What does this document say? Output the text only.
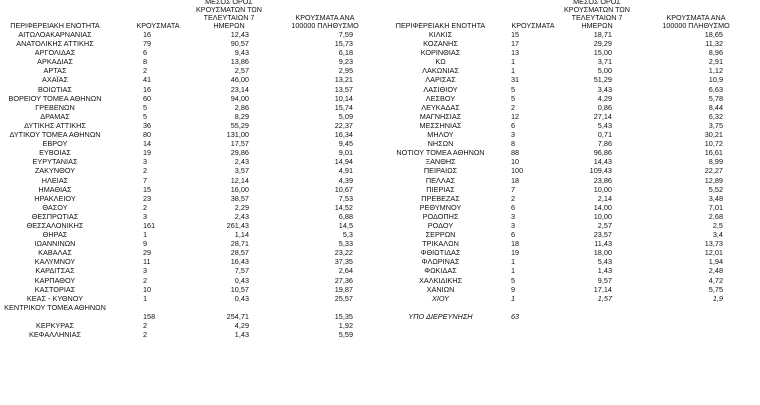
ΠΕΡΙΦΕΡΕΙΑΚΗ ΕΝΟΤΗΤΑ	ΚΡΟΥΣΜΑΤΑ
ΜΕΣΟΣ ΟΡΟΣ ΚΡΟΥΣΜΑΤΩΝ ΤΩΝ ΤΕΛΕΥΤΑΙΩΝ 7 ΗΜΕΡΩΝ
ΚΡΟΥΣΜΑΤΑ ΑΝΑ 100000 ΠΛΗΘΥΣΜΟ
ΑΙΤΩΛΟΑΚΑΡΝΑΝΙΑΣ	16	12,43	7,59
ΑΝΑΤΟΛΙΚΗΣ ΑΤΤΙΚΗΣ	79	90,57	15,73
ΑΡΓΟΛΙΔΑΣ	6	9,43	6,18
ΑΡΚΑΔΙΑΣ	8	13,86	9,23
ΑΡΤΑΣ	2	2,57	2,95
ΑΧΑΪΑΣ	41	46,00	13,21
ΒΟΙΩΤΙΑΣ	16	23,14	13,57
ΒΟΡΕΙΟΥ ΤΟΜΕΑ ΑΘΗΝΩΝ	60	94,00	10,14
ΓΡΕΒΕΝΩΝ	5	2,86	15,74
ΔΡΑΜΑΣ	5	8,29	5,09
ΔΥΤΙΚΗΣ ΑΤΤΙΚΗΣ	36	55,29	22,37
ΔΥΤΙΚΟΥ ΤΟΜΕΑ ΑΘΗΝΩΝ	80	131,00	16,34
ΕΒΡΟΥ	14	17,57	9,45
ΕΥΒΟΙΑΣ	19	29,86	9,01
ΕΥΡΥΤΑΝΙΑΣ	3	2,43	14,94
ΖΑΚΥΝΘΟΥ	2	3,57	4,91
ΗΛΕΙΑΣ	7	12,14	4,39
ΗΜΑΘΙΑΣ	15	16,00	10,67
ΗΡΑΚΛΕΙΟΥ	23	38,57	7,53
ΘΑΣΟΥ	2	2,29	14,52
ΘΕΣΠΡΩΤΙΑΣ	3	2,43	6,88
ΘΕΣΣΑΛΟΝΙΚΗΣ	161	261,43	14,5
ΘΗΡΑΣ	1	1,14	5,3
ΙΩΑΝΝΙΝΩΝ	9	28,71	5,33
ΚΑΒΑΛΑΣ	29	28,57	23,22
ΚΑΛΥΜΝΟΥ	11	16,43	37,35
ΚΑΡΔΙΤΣΑΣ	3	7,57	2,64
ΚΑΡΠΑΘΟΥ	2	0,43	27,36
ΚΑΣΤΟΡΙΑΣ	10	10,57	19,87
ΚΕΑΣ - ΚΥΘΝΟΥ	1	0,43	25,57
ΚΕΝΤΡΙΚΟΥ ΤΟΜΕΑ ΑΘΗΝΩΝ
158	254,71	15,35
ΚΕΡΚΥΡΑΣ	2	4,29	1,92
ΚΕΦΑΛΛΗΝΙΑΣ	2	1,43	5,59
ΠΕΡΙΦΕΡΕΙΑΚΗ ΕΝΟΤΗΤΑ	ΚΡΟΥΣΜΑΤΑ
ΜΕΣΟΣ ΟΡΟΣ ΚΡΟΥΣΜΑΤΩΝ ΤΩΝ ΤΕΛΕΥΤΑΙΩΝ 7 ΗΜΕΡΩΝ
ΚΡΟΥΣΜΑΤΑ ΑΝΑ 100000 ΠΛΗΘΥΣΜΟ
ΚΙΛΚΙΣ	15	18,71	18,65
ΚΟΖΑΝΗΣ	17	29,29	11,32
ΚΟΡΙΝΘΙΑΣ	13	15,00	8,96
ΚΩ	1	3,71	2,91
ΛΑΚΩΝΙΑΣ	1	5,00	1,12
ΛΑΡΙΣΑΣ	31	51,29	10,9
ΛΑΣΙΘΙΟΥ	5	3,43	6,63
ΛΕΣΒΟΥ	5	4,29	5,78
ΛΕΥΚΑΔΑΣ	2	0,86	8,44
ΜΑΓΝΗΣΙΑΣ	12	27,14	6,32
ΜΕΣΣΗΝΙΑΣ	6	5,43	3,75
ΜΗΛΟΥ	3	0,71	30,21
ΝΗΣΩΝ	8	7,86	10,72
ΝΟΤΙΟΥ ΤΟΜΕΑ ΑΘΗΝΩΝ	88	96,86	16,61
ΞΑΝΘΗΣ	10	14,43	8,99
ΠΕΙΡΑΙΩΣ	100	109,43	22,27
ΠΕΛΛΑΣ	18	23,86	12,89
ΠΙΕΡΙΑΣ	7	10,00	5,52
ΠΡΕΒΕΖΑΣ	2	2,14	3,48
ΡΕΘΥΜΝΟΥ	6	14,00	7,01
ΡΟΔΟΠΗΣ	3	10,00	2,68
ΡΟΔΟΥ	3	2,57	2,5
ΣΕΡΡΩΝ	6	23,57	3,4
ΤΡΙΚΑΛΩΝ	18	11,43	13,73
ΦΘΙΩΤΙΔΑΣ	19	18,00	12,01
ΦΛΩΡΙΝΑΣ	1	5,43	1,94
ΦΩΚΙΔΑΣ	1	1,43	2,48
ΧΑΛΚΙΔΙΚΗΣ	5	9,57	4,72
ΧΑΝΙΩΝ	9	17,14	5,75
ΧΙΟΥ	1	1,57	1,9
ΥΠΟ ΔΙΕΡΕΥΝΗΣΗ	63
